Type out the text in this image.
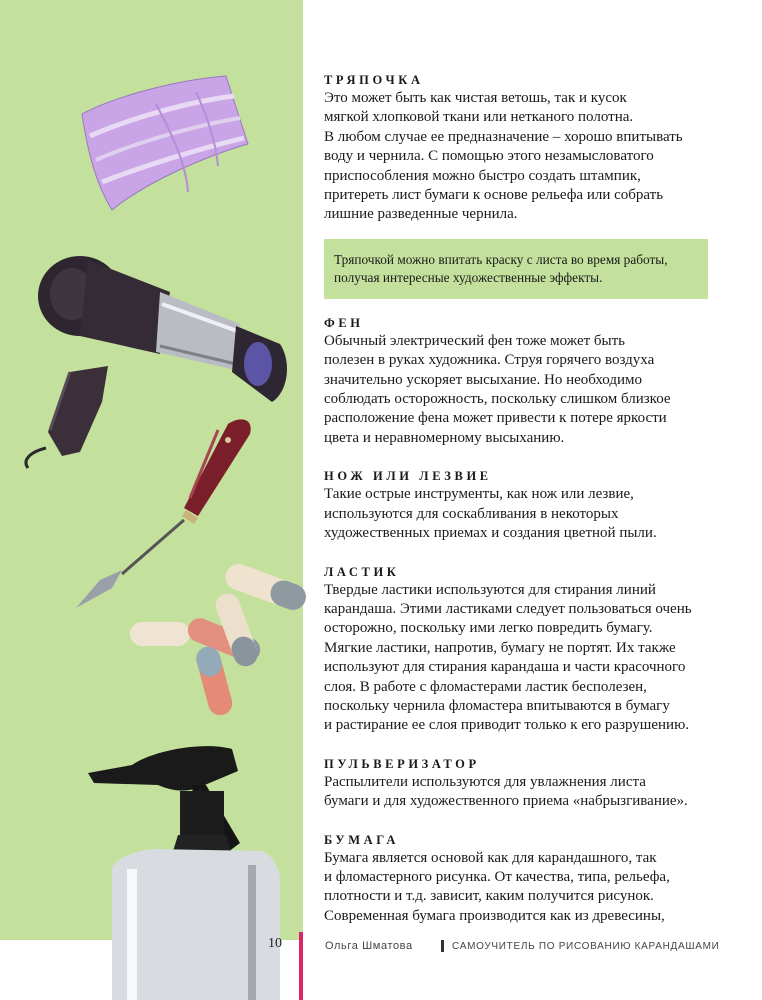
ТРЯПОЧКА

Это может быть как чистая ветошь, так и кусок
мягкой хлопковой ткани или нетканого полотна.
В любом случае ее предназначение – хорошо впитывать
воду и чернила. С помощью этого незамысловатого
приспособления можно быстро создать штампик,
притереть лист бумаги к основе рельефа или собрать
лишние разведенные чернила.

Тряпочкой можно впитать краску с листа во время работы,
получая интересные художественные эффекты.

ФЕН

Обычный электрический фен тоже может быть
полезен в руках художника. Струя горячего воздуха
значительно ускоряет высыхание. Но необходимо
соблюдать осторожность, поскольку слишком близкое
расположение фена может привести к потере яркости
цвета и неравномерному высыханию.

НОЖ ИЛИ ЛЕЗВИЕ

Такие острые инструменты, как нож или лезвие,
используются для соскабливания в некоторых
художественных приемах и создания цветной пыли.

ЛАСТИК

Твердые ластики используются для стирания линий
карандаша. Этими ластиками следует пользоваться очень
осторожно, поскольку ими легко повредить бумагу.
Мягкие ластики, напротив, бумагу не портят. Их также
используют для стирания карандаша и части красочного
слоя. В работе с фломастерами ластик бесполезен,
поскольку чернила фломастера впитываются в бумагу
и растирание ее слоя приводит только к его разрушению.

ПУЛЬВЕРИЗАТОР

Распылители используются для увлажнения листа
бумаги и для художественного приема «набрызгивание».

БУМАГА

Бумага является основой как для карандашного, так
и фломастерного рисунка. От качества, типа, рельефа,
плотности и т.д. зависит, каким получится рисунок.
Современная бумага производится как из древесины,

10	Ольга Шматова	САМОУЧИТЕЛЬ ПО РИСОВАНИЮ КАРАНДАШАМИ
